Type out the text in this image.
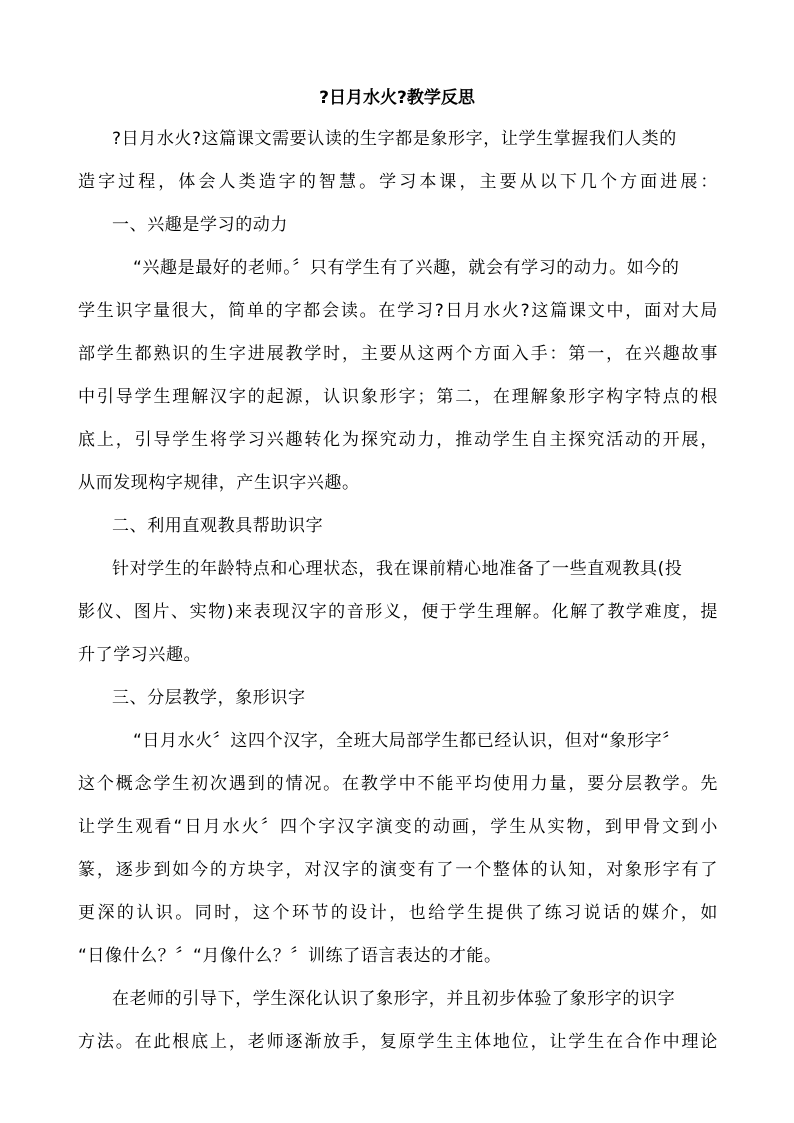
?日月水火?教学反思
?日月水火?这篇课文需要认读的生字都是象形字，让学生掌握我们人类的
造字过程，体会人类造字的智慧。学习本课，主要从以下几个方面进展：
一、兴趣是学习的动力
“兴趣是最好的老师。〞只有学生有了兴趣，就会有学习的动力。如今的
学生识字量很大，简单的字都会读。在学习?日月水火?这篇课文中，面对大局
部学生都熟识的生字进展教学时，主要从这两个方面入手：第一，在兴趣故事
中引导学生理解汉字的起源，认识象形字；第二，在理解象形字构字特点的根
底上，引导学生将学习兴趣转化为探究动力，推动学生自主探究活动的开展，
从而发现构字规律，产生识字兴趣。
二、利用直观教具帮助识字
针对学生的年龄特点和心理状态，我在课前精心地准备了一些直观教具(投
影仪、图片、实物)来表现汉字的音形义，便于学生理解。化解了教学难度，提
升了学习兴趣。
三、分层教学，象形识字
“日月水火〞这四个汉字，全班大局部学生都已经认识，但对“象形字〞
这个概念学生初次遇到的情况。在教学中不能平均使用力量，要分层教学。先
让学生观看“日月水火〞四个字汉字演变的动画，学生从实物，到甲骨文到小
篆，逐步到如今的方块字，对汉字的演变有了一个整体的认知，对象形字有了
更深的认识。同时，这个环节的设计，也给学生提供了练习说话的媒介，如
“日像什么？〞“月像什么？〞训练了语言表达的才能。
在老师的引导下，学生深化认识了象形字，并且初步体验了象形字的识字
方法。在此根底上，老师逐渐放手，复原学生主体地位，让学生在合作中理论
